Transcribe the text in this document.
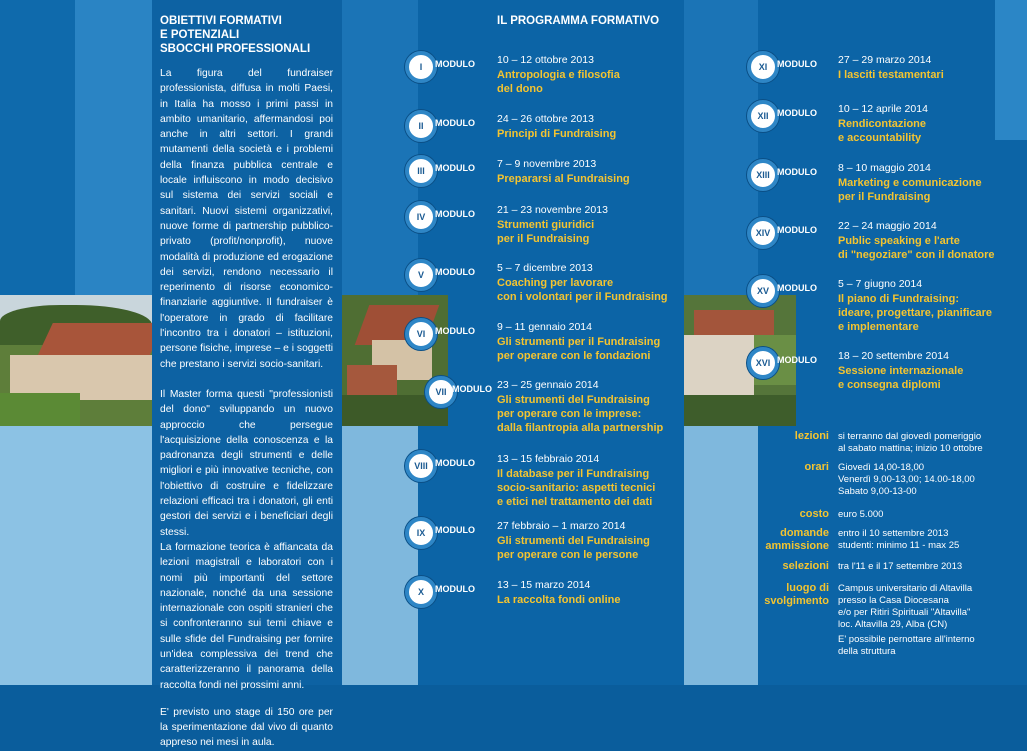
OBIETTIVI FORMATIVI
E POTENZIALI
SBOCCHI PROFESSIONALI

La figura del fundraiser professionista, diffusa in molti Paesi, in Italia ha mosso i primi passi in ambito umanitario, affermandosi poi anche in altri settori. I grandi mutamenti della società e i problemi della finanza pubblica centrale e locale influiscono in modo decisivo sul sistema dei servizi sociali e sanitari. Nuovi sistemi organizzativi, nuove forme di partnership pubblico-privato (profit/nonprofit), nuove modalità di produzione ed erogazione dei servizi, rendono necessario il reperimento di risorse economico-finanziarie aggiuntive. Il fundraiser è l'operatore in grado di facilitare l'incontro tra i donatori – istituzioni, persone fisiche, imprese – e i soggetti che prestano i servizi socio-sanitari.

Il Master forma questi "professionisti del dono" sviluppando un nuovo approccio che persegue l'acquisizione della conoscenza e la padronanza degli strumenti e delle migliori e più innovative tecniche, con l'obiettivo di costruire e fidelizzare relazioni efficaci tra i donatori, gli enti gestori dei servizi e i beneficiari degli stessi.

La formazione teorica è affiancata da lezioni magistrali e laboratori con i nomi più importanti del settore nazionale, nonché da una sessione internazionale con ospiti stranieri che si confronteranno sui temi chiave e sulle sfide del Fundraising per fornire un'idea complessiva dei trend che caratterizzeranno il panorama della raccolta fondi nei prossimi anni.

E' previsto uno stage di 150 ore per la sperimentazione dal vivo di quanto appreso nei mesi in aula.

IL PROGRAMMA FORMATIVO
I	MODULO 10 – 12 ottobre 2013
Antropologia e filosofia
del dono
II	MODULO 24 – 26 ottobre 2013
Principi di Fundraising
III	MODULO 7 – 9 novembre 2013
Prepararsi al Fundraising
IV	MODULO 21 – 23 novembre 2013
Strumenti giuridici
per il Fundraising
V	MODULO 5 – 7 dicembre 2013
Coaching per lavorare
con i volontari per il Fundraising
VI	MODULO 9 – 11 gennaio 2014
Gli strumenti per il Fundraising
per operare con le fondazioni
VII MODULO 23 – 25 gennaio 2014
Gli strumenti del Fundraising
per operare con le imprese:
dalla filantropia alla partnership
VIII MODULO 13 – 15 febbraio 2014
Il database per il Fundraising
socio-sanitario: aspetti tecnici
e etici nel trattamento dei dati
IX	MODULO 27 febbraio – 1 marzo 2014
Gli strumenti del Fundraising
per operare con le persone
X	MODULO 13 – 15 marzo 2014
La raccolta fondi online
XI	MODULO 27 – 29 marzo 2014
I lasciti testamentari
XII MODULO 10 – 12 aprile 2014
Rendicontazione
e accountability
XIII MODULO 8 – 10 maggio 2014
Marketing e comunicazione
per il Fundraising
XIV MODULO 22 – 24 maggio 2014
Public speaking e l'arte
di "negoziare" con il donatore
XV MODULO 5 – 7 giugno 2014
Il piano di Fundraising:
ideare, progettare, pianificare
e implementare
XVI MODULO 18 – 20 settembre 2014
Sessione internazionale
e consegna diplomi
lezioni si terranno dal giovedì pomeriggio
al sabato mattina; inizio 10 ottobre
orari Giovedì 14,00-18,00
Venerdì 9,00-13,00; 14.00-18,00
Sabato 9,00-13-00
costo euro 5.000
domande
ammissione
entro il 10 settembre 2013
studenti: minimo 11 - max 25
selezioni tra l'11 e il 17 settembre 2013
luogo di
svolgimento
Campus universitario di Altavilla
presso la Casa Diocesana
e/o per Ritiri Spirituali "Altavilla"
loc. Altavilla 29, Alba (CN)
E' possibile pernottare all'interno
della struttura
